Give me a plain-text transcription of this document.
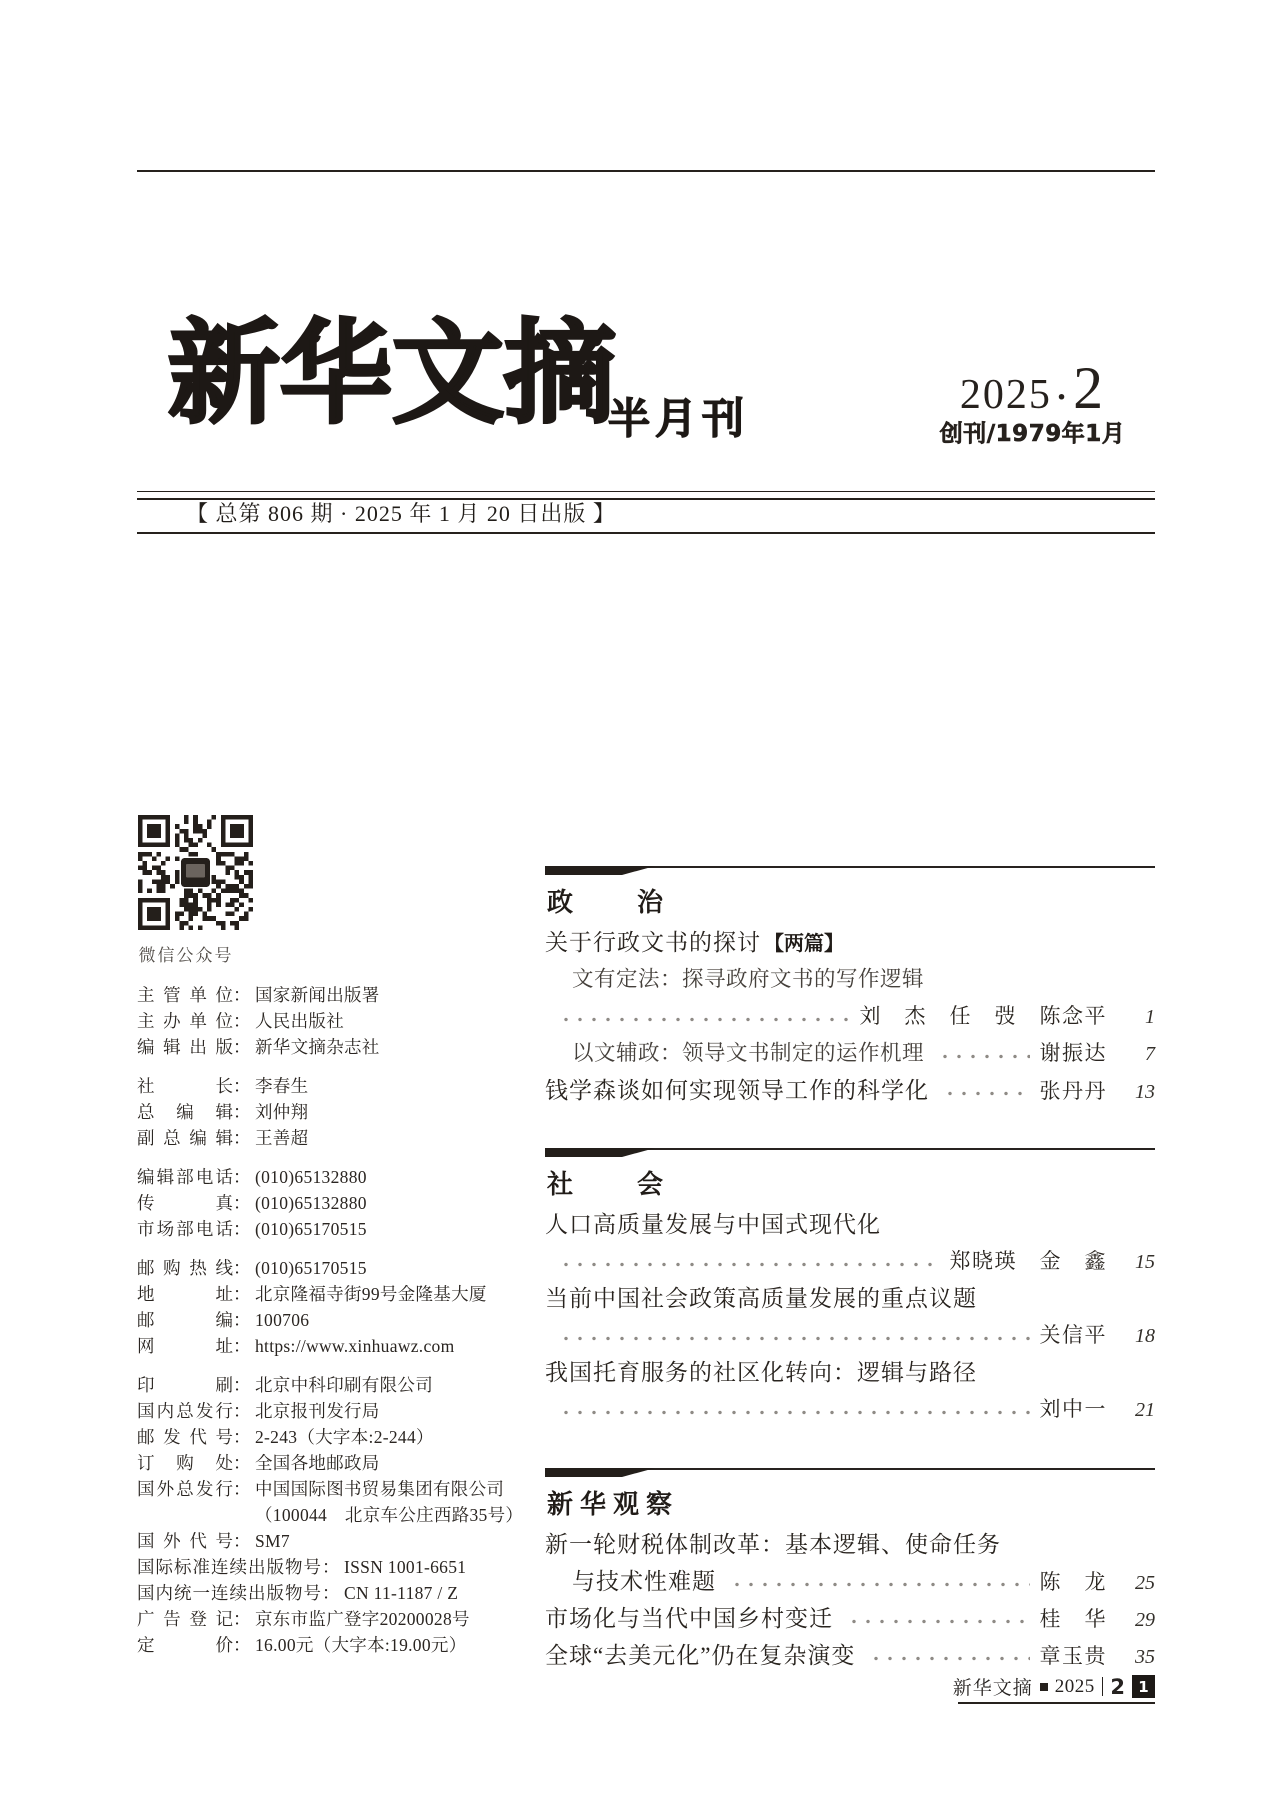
新华文摘
半月刊	2025 · 2
创刊/1979年1月
【 总第 806 期 · 2025 年 1 月 20 日出版 】
微信公众号
主管单位： 国家新闻出版署
主办单位： 人民出版社
编辑出版： 新华文摘杂志社
社长： 李春生
总编辑： 刘仲翔
副总编辑： 王善超
编辑部电话： (010)65132880
传真： (010)65132880
市场部电话： (010)65170515
邮购热线： (010)65170515
地址： 北京隆福寺街99号金隆基大厦
邮编： 100706
网址： https://www.xinhuawz.com
印刷： 北京中科印刷有限公司
国内总发行： 北京报刊发行局
邮发代号： 2-243（大字本:2-244）
订购处： 全国各地邮政局
国外总发行： 中国国际图书贸易集团有限公司
（100044　北京车公庄西路35号）
国外代号： SM7
国际标准连续出版物号： ISSN 1001-6651
国内统一连续出版物号： CN 11-1187 / Z
广告登记： 京东市监广登字20200028号
定价： 16.00元（大字本:19.00元）
政治
关于行政文书的探讨 【两篇】
文有定法：探寻政府文书的写作逻辑
刘　杰　任　弢　陈念平	1
以文辅政：领导文书制定的运作机理	谢振达	7
钱学森谈如何实现领导工作的科学化	张丹丹	13
社会
人口高质量发展与中国式现代化
郑晓瑛　金　鑫	15
当前中国社会政策高质量发展的重点议题
关信平	18
我国托育服务的社区化转向：逻辑与路径
刘中一	21
新华观察
新一轮财税体制改革：基本逻辑、使命任务
与技术性难题	陈　龙	25
市场化与当代中国乡村变迁	桂　华	29
全球“去美元化”仍在复杂演变	章玉贵	35
新华文摘 2025 2 1
